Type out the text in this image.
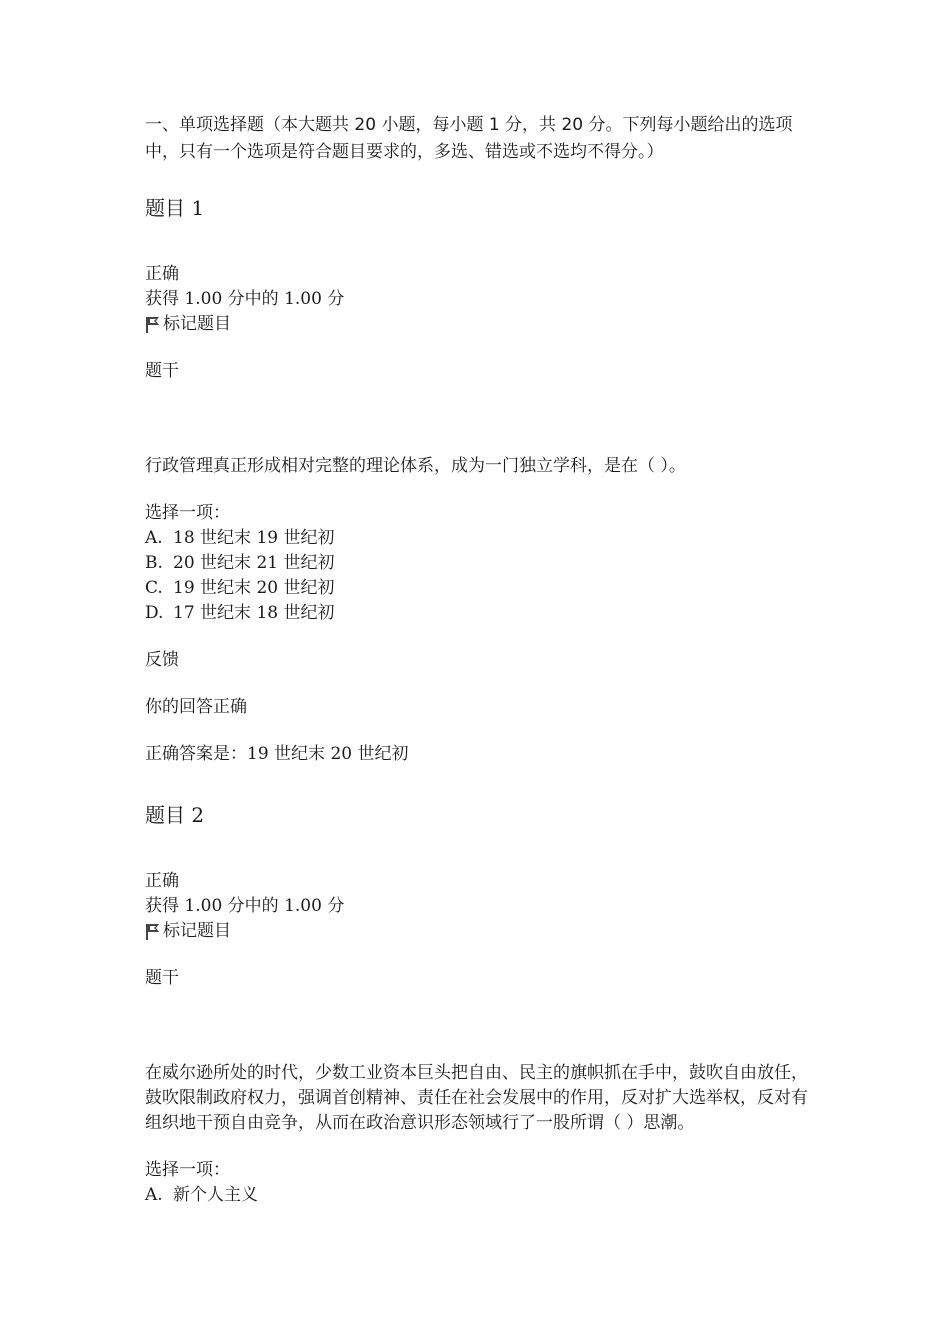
一、单项选择题（本大题共 20 小题，每小题 1 分，共 20 分。下列每小题给出的选项中，只有一个选项是符合题目要求的，多选、错选或不选均不得分。）
题目 1
正确
获得 1.00 分中的 1.00 分
标记题目
题干
行政管理真正形成相对完整的理论体系，成为一门独立学科，是在（ ）。
选择一项：
A. 18 世纪末 19 世纪初
B. 20 世纪末 21 世纪初
C. 19 世纪末 20 世纪初
D. 17 世纪末 18 世纪初
反馈
你的回答正确
正确答案是：19 世纪末 20 世纪初
题目 2
正确
获得 1.00 分中的 1.00 分
标记题目
题干
在威尔逊所处的时代，少数工业资本巨头把自由、民主的旗帜抓在手中，鼓吹自由放任，鼓吹限制政府权力，强调首创精神、责任在社会发展中的作用，反对扩大选举权，反对有组织地干预自由竞争，从而在政治意识形态领域行了一股所谓（ ）思潮。
选择一项：
A. 新个人主义
